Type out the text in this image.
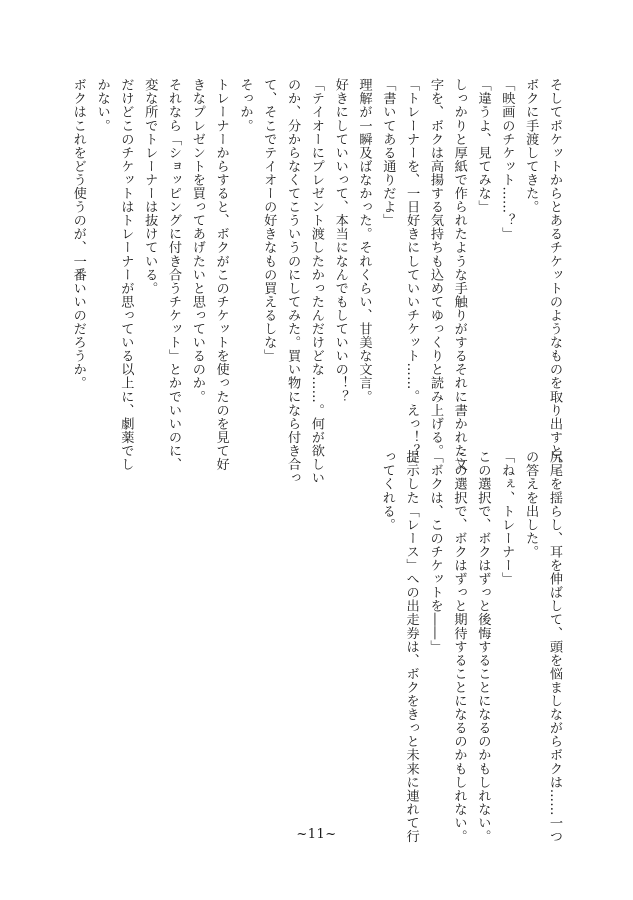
そしてポケットからとあるチケットのようなものを取り出すと、
ボクに手渡してきた。
「映画のチケット……？」
「違うよ、見てみな」
しっかりと厚紙で作られたような手触りがするそれに書かれた文
字を、ボクは高揚する気持ちも込めてゆっくりと読み上げる。
「トレーナーを、一日好きにしていいチケット……。えっ！？」
「書いてある通りだよ」
理解が一瞬及ばなかった。それくらい、甘美な文言。
好きにしていいって、本当になんでもしていいの！？
「テイオーにプレゼント渡したかったんだけどな……。何が欲しい
のか、分からなくてこういうのにしてみた。買い物になら付き合っ
て、そこでテイオーの好きなもの買えるしな」
そっか。
トレーナーからすると、ボクがこのチケットを使ったのを見て好
きなプレゼントを買ってあげたいと思っているのか。
それなら「ショッピングに付き合うチケット」とかでいいのに、
変な所でトレーナーは抜けている。
だけどこのチケットはトレーナーが思っている以上に、劇薬でし
かない。
ボクはこれをどう使うのが、一番いいのだろうか。
尻尾を揺らし、耳を伸ばして、頭を悩ましながらボクは……一つ
の答えを出した。
「ねぇ、トレーナー」
この選択で、ボクはずっと後悔することになるのかもしれない。
この選択で、ボクはずっと期待することになるのかもしれない。
「ボクは、このチケットを――」
提示した「レース」への出走券は、ボクをきっと未来に連れて行
ってくれる。
~11~
